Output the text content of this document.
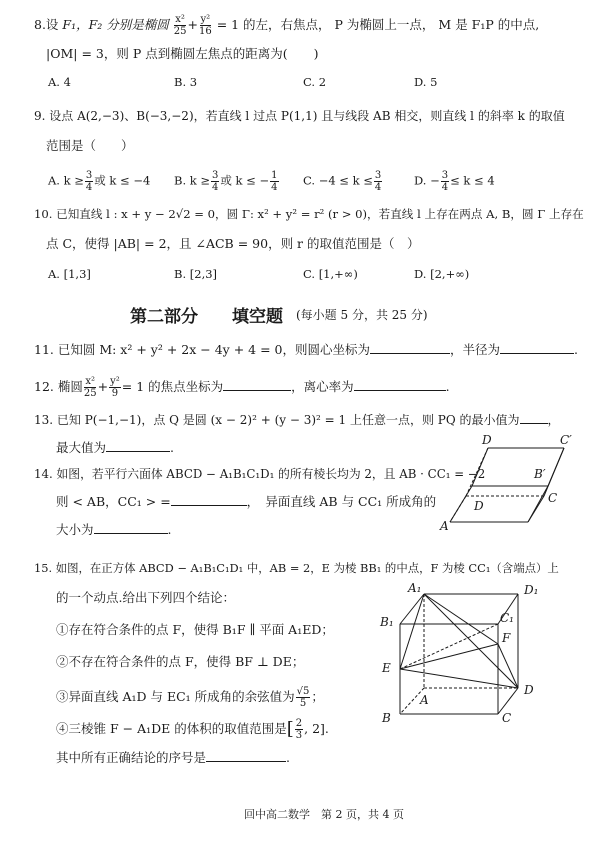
8.设 F₁，F₂ 分别是椭圆 $\frac{\text{x²}}{25} + \frac{\text{y²}}{16} = 1$ 的左，右焦点， P 为椭圆上一点， M 是 F₁P 的中点,
|OM| = 3，则 P 点到椭圆左焦点的距离为( )
A. 4	B. 3	C. 2	D. 5
9. 设点 A(2,−3)、B(−3,−2)，若直线 l 过点 P(1,1) 且与线段 AB 相交，则直线 l 的斜率 k 的取值
范围是（　　）
A. $k \ge \frac{3}{4}$ 或 k ≤ −4 B. $k \ge \frac{3}{4}$ 或 k ≤ − $\frac{1}{4} C$. $-4 \le k \le \frac{3}{4}$	D. − $\frac{3}{4} \le k \le 4$
10. 已知直线 l : x + y − 2√2 = 0，圆 Γ: x² + y² = r² (r > 0)，若直线 l 上存在两点 A, B，圆 Γ 上存在
点 C，使得 |AB| = 2，且 ∠ACB = 90，则 r 的取值范围是（　）
A. [1,3]	B. [2,3]	C. [1,+∞)	D. [2,+∞)
第二部分　　填空题 (每小题 5 分，共 25 分)
11. 已知圆 M: x² + y² + 2x − 4y + 4 = 0，则圆心坐标为	，半径为	.
12. 椭圆 $\frac{\text{x²}}{25} + \frac{\text{y²}}{9} = 1$ 的焦点坐标为	，离心率为	.
13. 已知 P(−1,−1)，点 Q 是圆 (x − 2)² + (y − 3)² = 1 上任意一点，则 PQ 的最小值为 ，
最大值为	.
14. 如图，若平行六面体 ABCD − A₁B₁C₁D₁ 的所有棱长均为 2，且 AB · CC₁ = −2
则 < AB，CC₁ > =	，　异面直线 AB 与 CC₁ 所成角的
大小为	.
D	C′
B′
A
D
C
15. 如图，在正方体 ABCD − A₁B₁C₁D₁ 中，AB = 2，E 为棱 BB₁ 的中点，F 为棱 CC₁（含端点）上
的一个动点.给出下列四个结论：
①存在符合条件的点 F，使得 B₁F ∥ 平面 A₁ED；
②不存在符合条件的点 F，使得 BF ⊥ DE；
③异面直线 A₁D 与 EC₁ 所成角的余弦值为 $\frac{√5}{5}$ ；
④三棱锥 F − A₁DE 的体积的取值范围是[ $\frac{2}{3}$ , 2].
其中所有正确结论的序号是	.
A₁	D₁
B₁	C₁
F
E
A
D
B	C
回中高二数学　第 2 页，共 4 页
